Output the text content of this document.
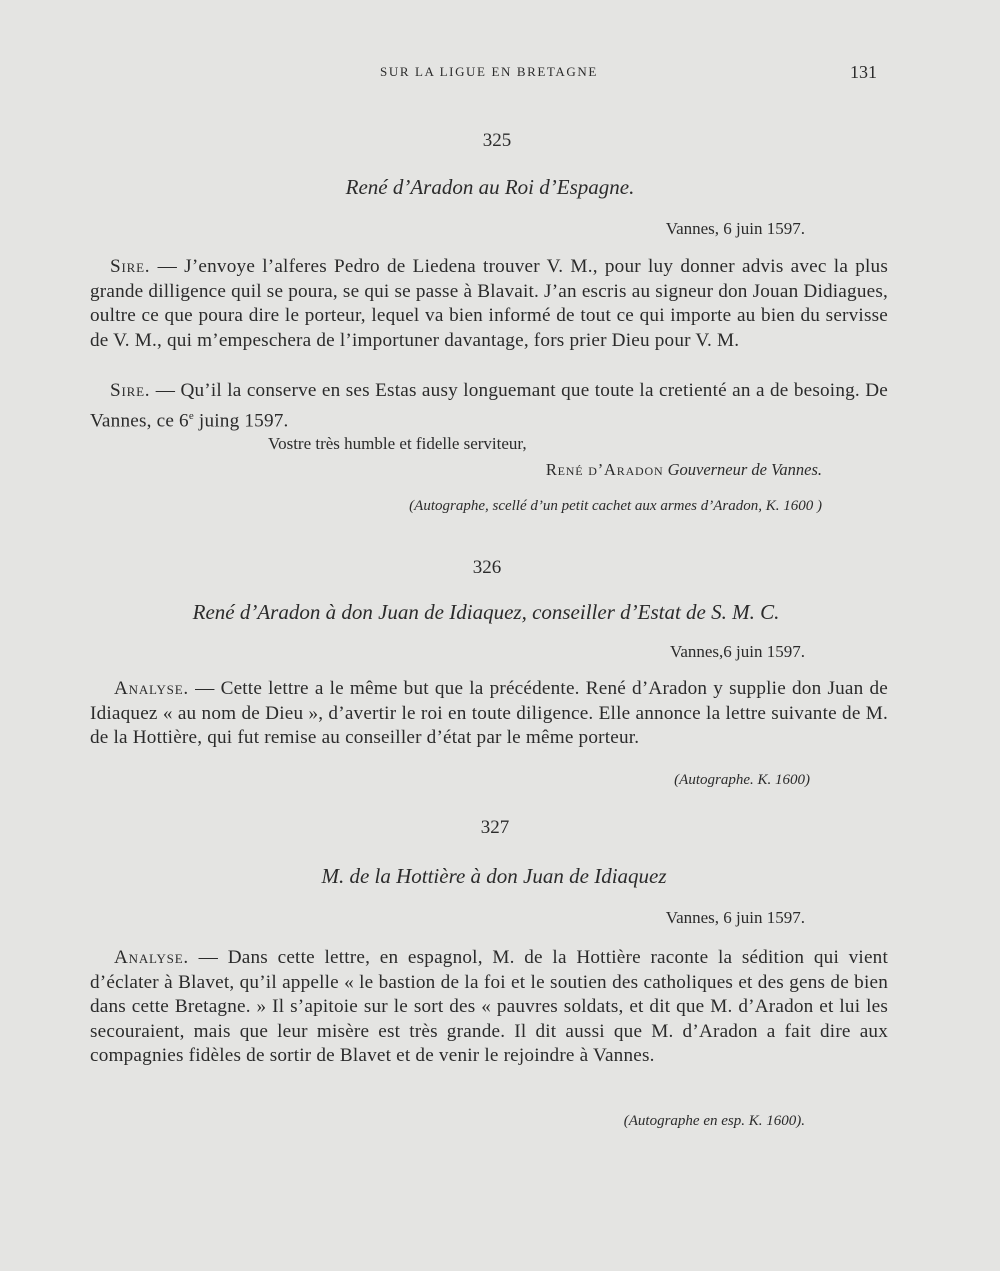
SUR LA LIGUE EN BRETAGNE	131
325
René d’Aradon au Roi d’Espagne.
Vannes, 6 juin 1597.

Sire. — J’envoye l’alferes Pedro de Liedena trouver V. M., pour luy donner advis avec la plus grande dilligence quil se poura, se qui se passe à Blavait. J’an escris au signeur don Jouan Didiagues, oultre ce que poura dire le porteur, lequel va bien informé de tout ce qui importe au bien du servisse de V. M., qui m’empeschera de l’importuner davantage, fors prier Dieu pour V. M.

Sire. — Qu’il la conserve en ses Estas ausy longuemant que toute la cretienté an a de besoing. De Vannes, ce 6e juing 1597.

Vostre très humble et fidelle serviteur,
René d’Aradon Gouverneur de Vannes.
(Autographe, scellé d’un petit cachet aux armes d’Aradon, K. 1600 )
326
René d’Aradon à don Juan de Idiaquez, conseiller d’Estat de S. M. C.
Vannes,6 juin 1597.

Analyse. — Cette lettre a le même but que la précédente. René d’Aradon y supplie don Juan de Idiaquez « au nom de Dieu », d’avertir le roi en toute diligence. Elle annonce la lettre suivante de M. de la Hottière, qui fut remise au conseiller d’état par le même porteur.

(Autographe. K. 1600)
327
M. de la Hottière à don Juan de Idiaquez
Vannes, 6 juin 1597.

Analyse. — Dans cette lettre, en espagnol, M. de la Hottière raconte la sédition qui vient d’éclater à Blavet, qu’il appelle « le bastion de la foi et le soutien des catholiques et des gens de bien dans cette Bretagne. » Il s’apitoie sur le sort des « pauvres soldats, et dit que M. d’Aradon et lui les secouraient, mais que leur misère est très grande. Il dit aussi que M. d’Aradon a fait dire aux compagnies fidèles de sortir de Blavet et de venir le rejoindre à Vannes.

(Autographe en esp. K. 1600).
